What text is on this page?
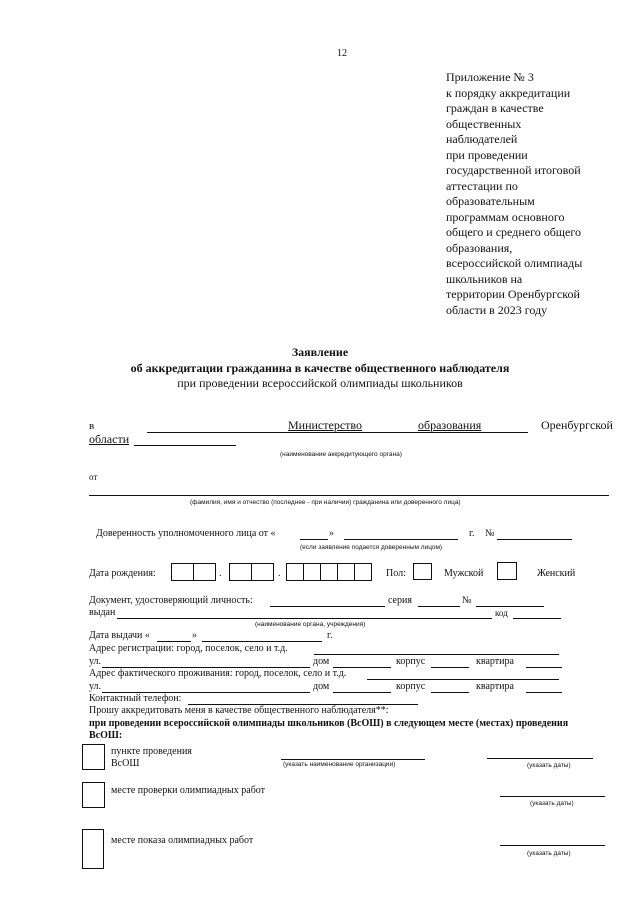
12
Приложение № 3
к порядку аккредитации
граждан в качестве
общественных
наблюдателей
при проведении
государственной итоговой
аттестации по
образовательным
программам основного
общего и среднего общего
образования,
всероссийской олимпиады
школьников на
территории Оренбургской
области в 2023 году
Заявление
об аккредитации гражданина в качестве общественного наблюдателя
при проведении всероссийской олимпиады школьников
в	Министерство	образования	Оренбургской
области
(наименование аккредитующего органа)
от
(фамилия, имя и отчество (последнее - при наличии) гражданина или доверенного лица)
Доверенность уполномоченного лица от «	»	г. №
(если заявление подается доверенным лицом)
Дата рождения:	.	.	Пол:	Мужской	Женский
Документ, удостоверяющий личность:	серия	№
выдан	код
(наименование органа, учреждения)
Дата выдачи «	»	г.
Адрес регистрации: город, поселок, село и т.д.
ул.	дом	корпус	квартира
Адрес фактического проживания: город, поселок, село и т.д.
ул.	дом	корпус	квартира
Контактный телефон:
Прошу аккредитовать меня в качестве общественного наблюдателя**:
при проведении всероссийской олимпиады школьников (ВсОШ) в следующем месте (местах) проведения
ВсОШ:
пункте проведения
ВсОШ	(указать наименование организации)	(указать даты)
месте проверки олимпиадных работ
(указать даты)
месте показа олимпиадных работ
(указать даты)
